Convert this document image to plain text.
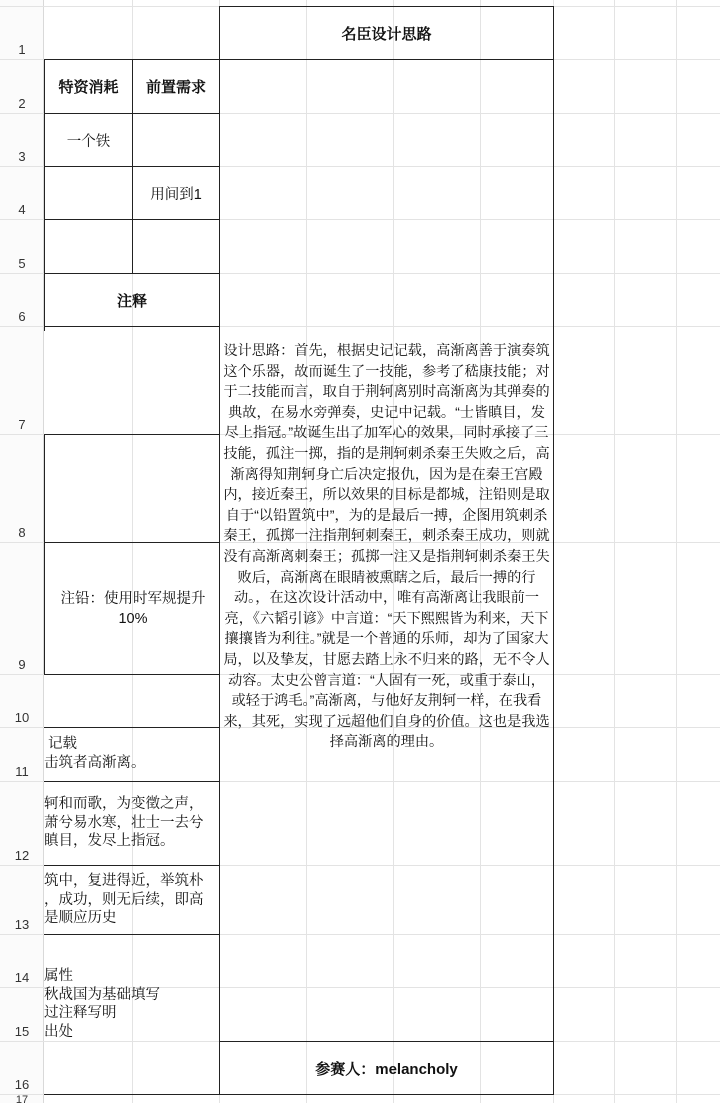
1
2
3
4
5
6
7
8
9
10
11
12
13
14
15
16
17
名臣设计思路
特资消耗	前置需求
一个铁
用间到1
注释
注铅：使用时军规提升10%
设计思路：首先，根据史记记载，高渐离善于演奏筑这个乐器，故而诞生了一技能，参考了嵇康技能；对于二技能而言，取自于荆轲离别时高渐离为其弹奏的典故，在易水旁弹奏，史记中记载。“士皆瞋目，发尽上指冠。”故诞生出了加军心的效果，同时承接了三技能，孤注一掷，指的是荆轲刺杀秦王失败之后，高渐离得知荆轲身亡后决定报仇，因为是在秦王宫殿内，接近秦王，所以效果的目标是都城，注铅则是取自于“以铅置筑中”，为的是最后一搏，企图用筑刺杀秦王，孤掷一注指荆轲刺秦王，刺杀秦王成功，则就没有高渐离刺秦王；孤掷一注又是指荆轲刺杀秦王失败后，高渐离在眼睛被熏瞎之后，最后一搏的行动。，在这次设计活动中，唯有高渐离让我眼前一亮，《六韬引谚》中言道：“天下熙熙皆为利来，天下攘攘皆为利往。”就是一个普通的乐师，却为了国家大局，以及挚友，甘愿去踏上永不归来的路，无不令人动容。太史公曾言道：“人固有一死，或重于泰山，或轻于鸿毛。”高渐离，与他好友荆轲一样，在我看来，其死，实现了远超他们自身的价值。这也是我选择高渐离的理由。
参赛人：melancholy
记载
击筑者高渐离。
轲和而歌，为变徵之声，
萧兮易水寒，壮士一去兮
瞋目，发尽上指冠。
筑中，复进得近，举筑朴
，成功，则无后续，即高
是顺应历史
属性
秋战国为基础填写
过注释写明
出处
